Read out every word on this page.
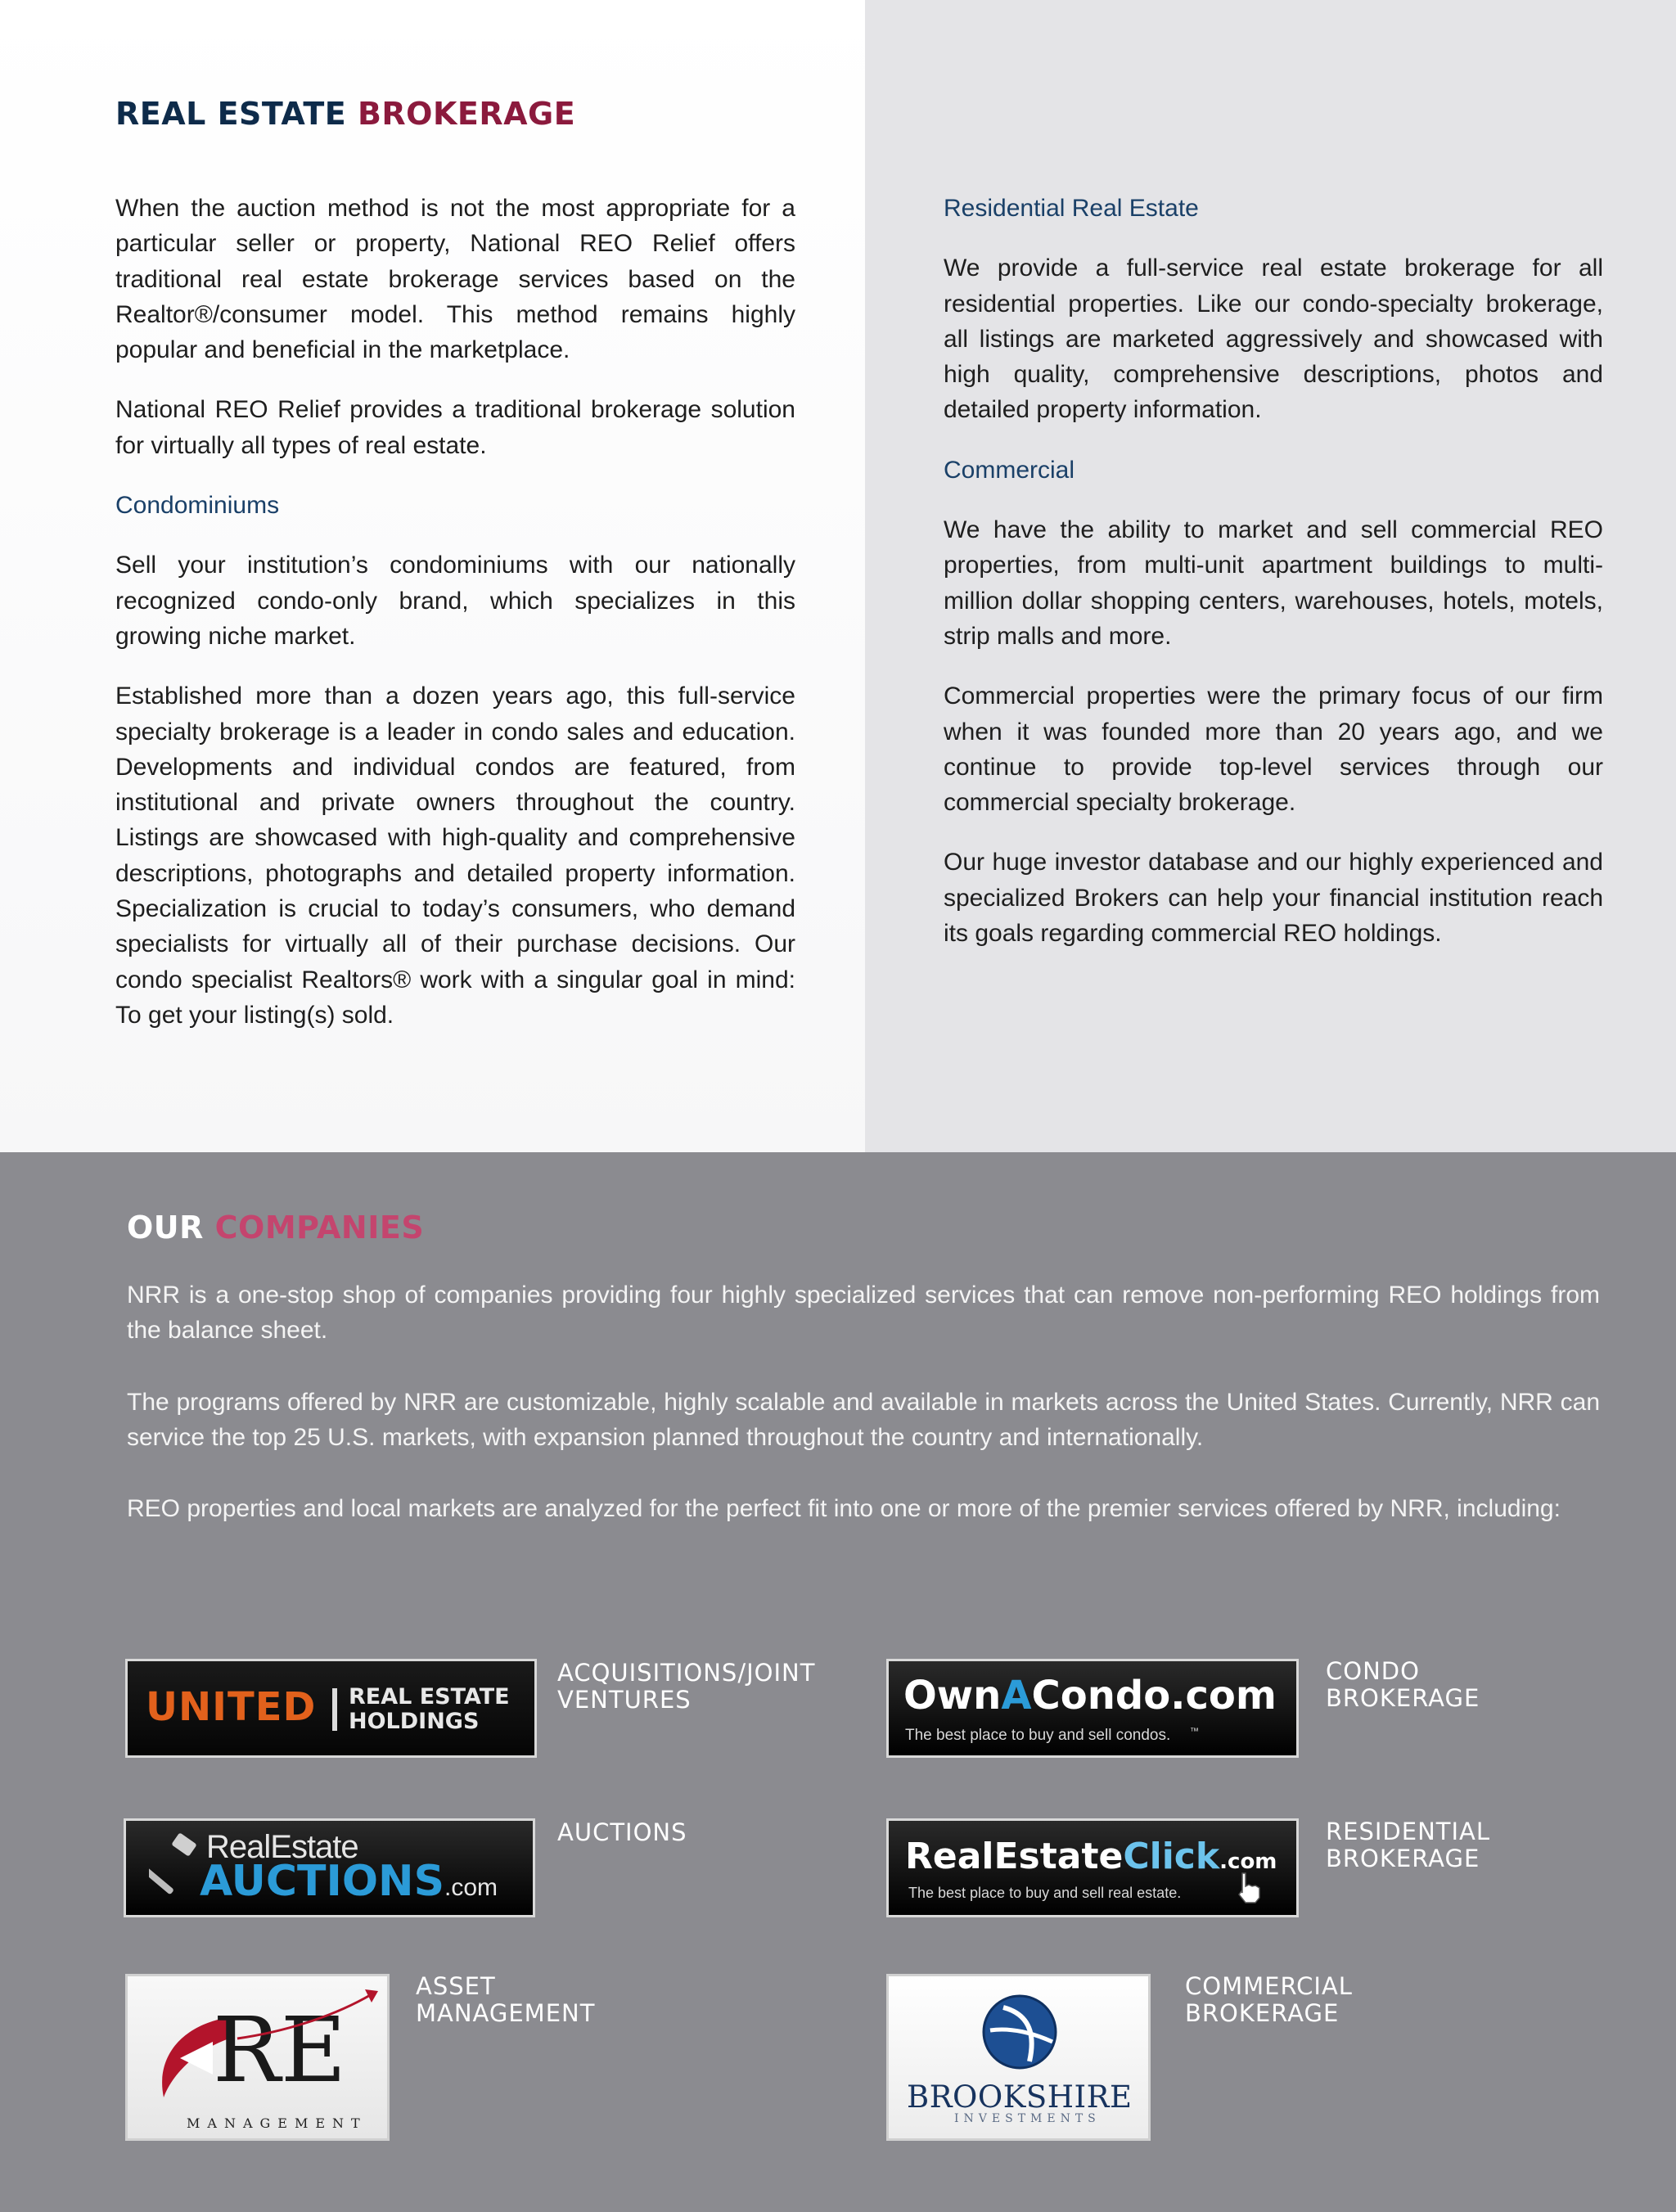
REAL ESTATE BROKERAGE

When the auction method is not the most appropriate for a particular seller or property, National REO Relief offers traditional real estate brokerage services based on the Realtor®/consumer model. This method remains highly popular and beneficial in the marketplace.

National REO Relief provides a traditional brokerage solution for virtually all types of real estate.

Condominiums

Sell your institution’s condominiums with our nationally recognized condo-only brand, which specializes in this growing niche market.

Established more than a dozen years ago, this full-service specialty brokerage is a leader in condo sales and education. Developments and individual condos are featured, from institutional and private owners throughout the country. Listings are showcased with high-quality and comprehensive descriptions, photographs and detailed property information. Specialization is crucial to today’s consumers, who demand specialists for virtually all of their purchase decisions. Our condo specialist Realtors® work with a singular goal in mind: To get your listing(s) sold.

Residential Real Estate

We provide a full-service real estate brokerage for all residential properties. Like our condo-specialty brokerage, all listings are marketed aggressively and showcased with high quality, comprehensive descriptions, photos and detailed property information.

Commercial

We have the ability to market and sell commercial REO properties, from multi-unit apartment buildings to multi-million dollar shopping centers, warehouses, hotels, motels, strip malls and more.

Commercial properties were the primary focus of our firm when it was founded more than 20 years ago, and we continue to provide top-level services through our commercial specialty brokerage.

Our huge investor database and our highly experienced and specialized Brokers can help your financial institution reach its goals regarding commercial REO holdings.

OUR COMPANIES

NRR is a one-stop shop of companies providing four highly specialized services that can remove non-performing REO holdings from the balance sheet.

The programs offered by NRR are customizable, highly scalable and available in markets across the United States. Currently, NRR can service the top 25 U.S. markets, with expansion planned throughout the country and internationally.

REO properties and local markets are analyzed for the perfect fit into one or more of the premier services offered by NRR, including:

UNITED REAL ESTATE
HOLDINGS
ACQUISITIONS/JOINT
VENTURES	OwnACondo.com
The best place to buy and sell condos. ™
CONDO
BROKERAGE
RealEstate
AUCTIONS.com
AUCTIONS
RealEstateClick.com
The best place to buy and sell real estate.
RESIDENTIAL
BROKERAGE
RE
MANAGEMENT
ASSET
MANAGEMENT
BROOKSHIRE
INVESTMENTS
COMMERCIAL
BROKERAGE
